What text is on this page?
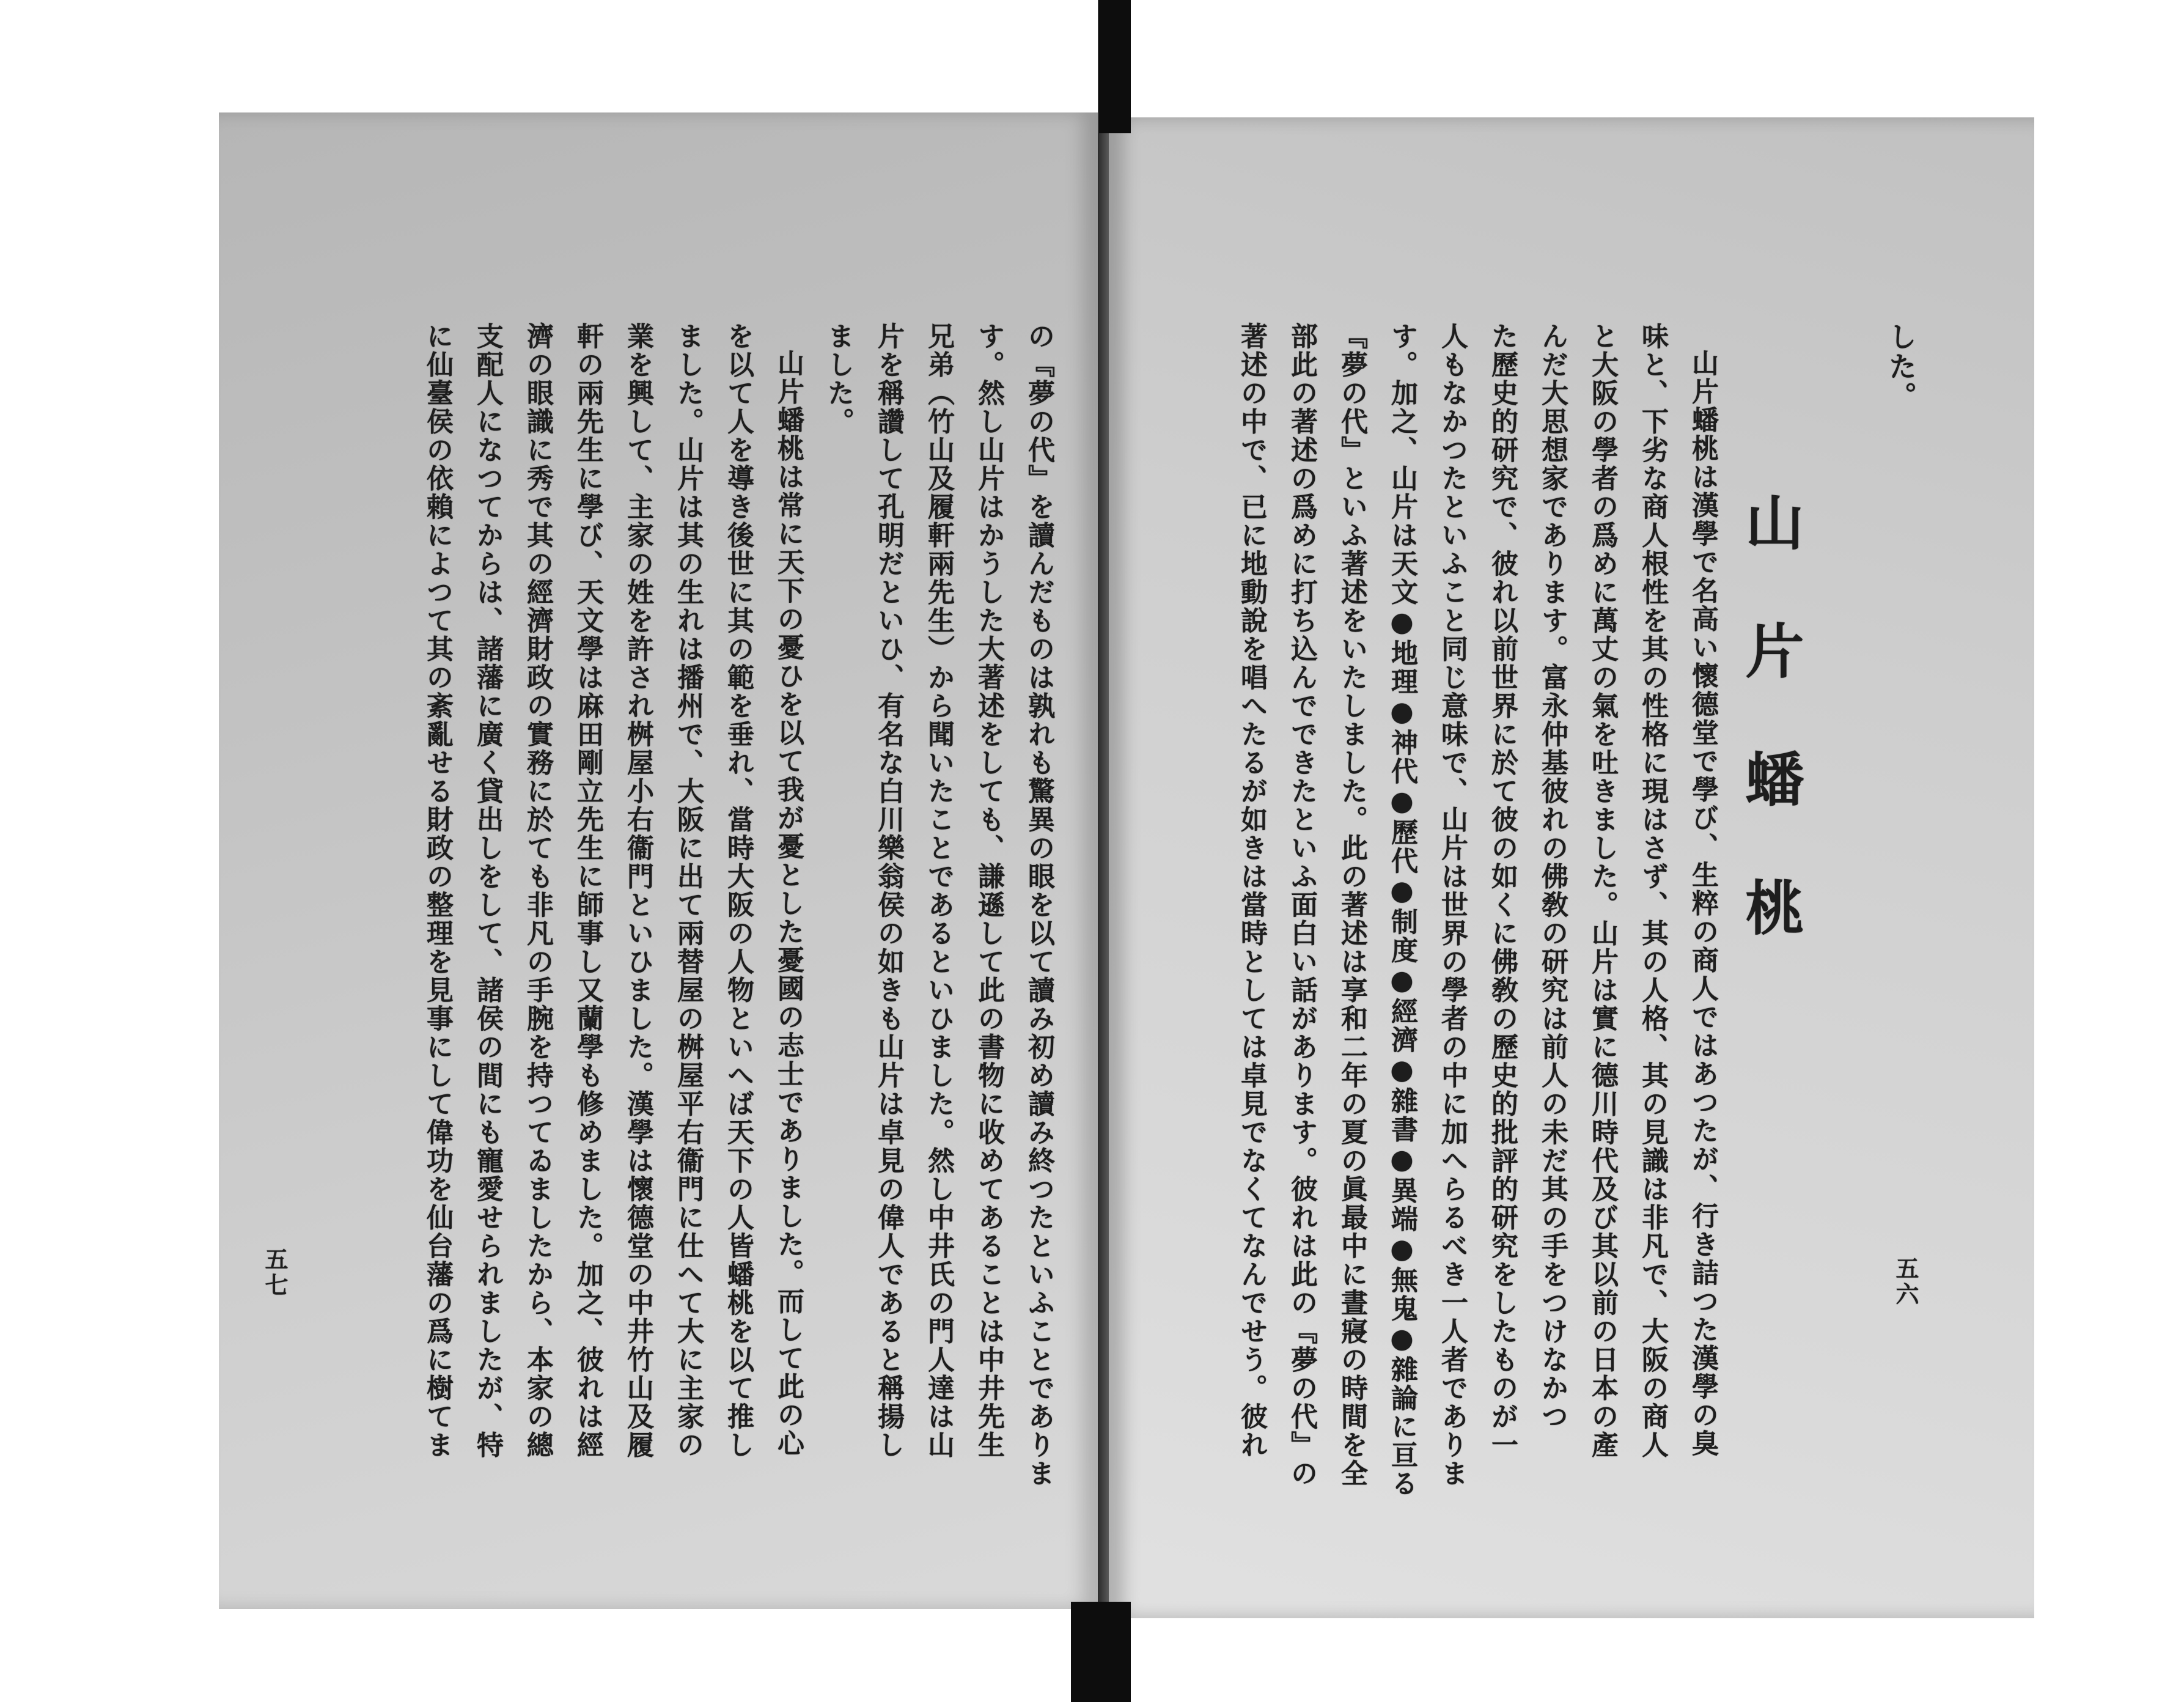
した。
山片蟠桃
山片蟠桃は漢學で名高い懷德堂で學び、生粹の商人ではあつたが、行き詰つた漢學の臭
味と、下劣な商人根性を其の性格に現はさず、其の人格、其の見識は非凡で、大阪の商人
と大阪の學者の爲めに萬丈の氣を吐きました。山片は實に德川時代及び其以前の日本の產
んだ大思想家であります。富永仲基彼れの佛敎の研究は前人の未だ其の手をつけなかつ
た歷史的研究で、彼れ以前世界に於て彼の如くに佛敎の歷史的批評的研究をしたものが一
人もなかつたといふこと同じ意味で、山片は世界の學者の中に加へらるべき一人者でありま
す。加之、山片は天文●地理●神代●歷代●制度●經濟●雜書●異端●無鬼●雜論に亘る
『夢の代』といふ著述をいたしました。此の著述は享和二年の夏の眞最中に晝寢の時間を全
部此の著述の爲めに打ち込んでできたといふ面白い話があります。彼れは此の『夢の代』の
著述の中で、已に地動說を唱へたるが如きは當時としては卓見でなくてなんでせう。彼れ	五六
の『夢の代』を讀んだものは孰れも驚異の眼を以て讀み初め讀み終つたといふことでありま
す。然し山片はかうした大著述をしても、謙遜して此の書物に收めてあることは中井先生
兄弟（竹山及履軒兩先生）から聞いたことであるといひました。然し中井氏の門人達は山
片を稱讚して孔明だといひ、有名な白川樂翁侯の如きも山片は卓見の偉人であると稱揚し
ました。
山片蟠桃は常に天下の憂ひを以て我が憂とした憂國の志士でありました。而して此の心
を以て人を導き後世に其の範を垂れ、當時大阪の人物といへば天下の人皆蟠桃を以て推し
ました。山片は其の生れは播州で、大阪に出て兩替屋の桝屋平右衞門に仕へて大に主家の
業を興して、主家の姓を許され桝屋小右衞門といひました。漢學は懷德堂の中井竹山及履
軒の兩先生に學び、天文學は麻田剛立先生に師事し又蘭學も修めました。加之、彼れは經
濟の眼識に秀で其の經濟財政の實務に於ても非凡の手腕を持つてゐましたから、本家の總
支配人になつてからは、諸藩に廣く貸出しをして、諸侯の間にも寵愛せられましたが、特
に仙臺侯の依賴によつて其の紊亂せる財政の整理を見事にして偉功を仙台藩の爲に樹てま
五七
